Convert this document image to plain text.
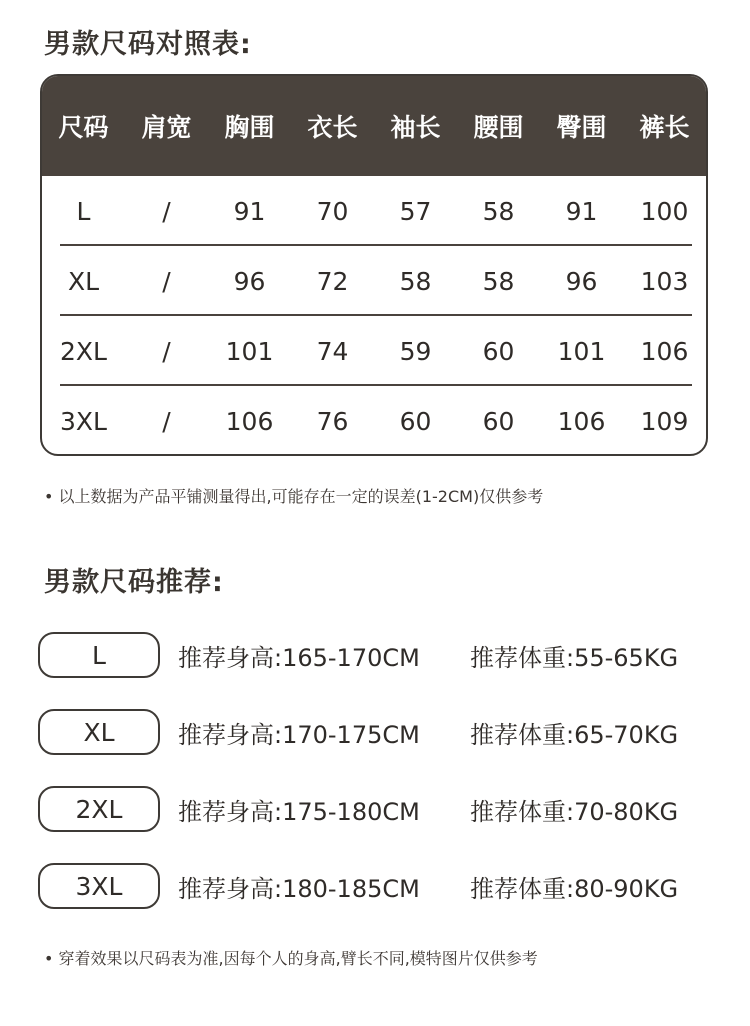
男款尺码对照表:
尺码	肩宽	胸围	衣长	袖长	腰围	臀围	裤长
L	/	91	70	57	58	91	100
XL	/	96	72	58	58	96	103
2XL	/	101	74	59	60	101	106
3XL	/	106	76	60	60	106	109
• 以上数据为产品平铺测量得出,可能存在一定的误差(1-2CM)仅供参考
男款尺码推荐:
L	推荐身高:165-170CM	推荐体重:55-65KG
XL	推荐身高:170-175CM	推荐体重:65-70KG
2XL	推荐身高:175-180CM	推荐体重:70-80KG
3XL	推荐身高:180-185CM	推荐体重:80-90KG
• 穿着效果以尺码表为准,因每个人的身高,臂长不同,模特图片仅供参考
